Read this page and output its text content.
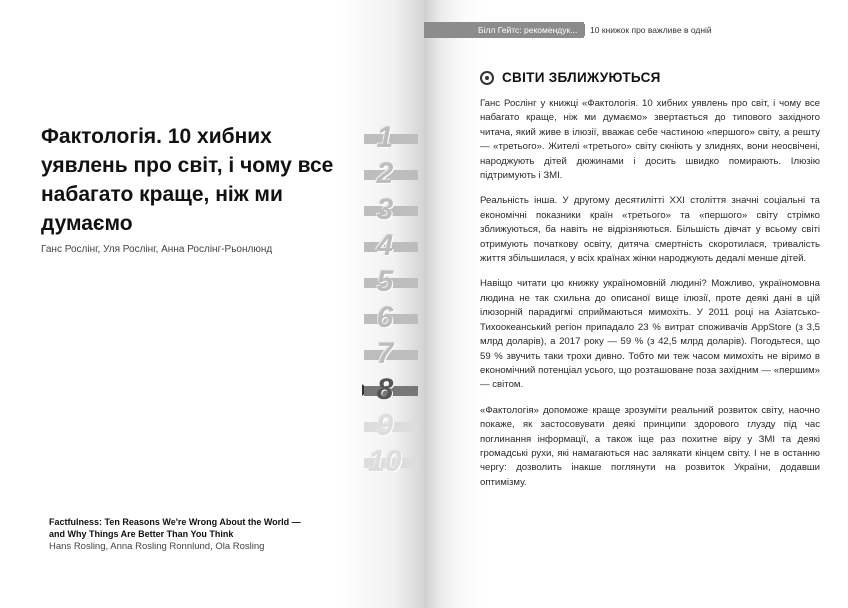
Фактологія. 10 хибних уявлень про світ, і чому все набагато краще, ніж ми думаємо
Ганс Рослінг, Уля Рослінг, Анна Рослінг-Рьонлюнд
1
2
3
4
5
6
7
8
9
10
Factfulness: Ten Reasons We're Wrong About the World — and Why Things Are Better Than You Think
Hans Rosling, Anna Rosling Ronnlund, Ola Rosling
Білл Гейтс: рекомендук...	10 книжок про важливе в одній
СВІТИ ЗБЛИЖУЮТЬСЯ

Ганс Рослінг у книжці «Фактологія. 10 хибних уявлень про світ, і чому все набагато краще, ніж ми думаємо» звертається до типового західного читача, який живе в ілюзії, вважає себе частиною «першого» світу, а решту — «третього». Жителі «третього» світу скніють у злиднях, вони неосвічені, народжують дітей дюжинами і досить швидко помирають. Ілюзію підтримують і ЗМІ.

Реальність інша. У другому десятилітті XXI століття значні соціальні та економічні показники країн «третього» та «першого» світу стрімко зближуються, ба навіть не відрізняються. Більшість дівчат у всьому світі отримують початкову освіту, дитяча смертність скоротилася, тривалість життя збільшилася, у всіх країнах жінки народжують дедалі менше дітей.

Навіщо читати цю книжку україномовній людині? Можливо, україномовна людина не так схильна до описаної вище ілюзії, проте деякі дані в цій ілюзорній парадигмі сприймаються мимохіть. У 2011 році на Азіатсько-Тихоокеанський регіон припадало 23 % витрат споживачів AppStore (з 3,5 млрд доларів), а 2017 року — 59 % (з 42,5 млрд доларів). Погодьтеся, що 59 % звучить таки трохи дивно. Тобто ми теж часом мимохіть не віримо в економічний потенціал усього, що розташоване поза західним — «першим» — світом.

«Фактологія» допоможе краще зрозуміти реальний розвиток світу, наочно покаже, як застосовувати деякі принципи здорового глузду під час поглинання інформації, а також іще раз похитне віру у ЗМІ та деякі громадські рухи, які намагаються нас залякати кінцем світу. І не в останню чергу: дозволить інакше поглянути на розвиток України, додавши оптимізму.
